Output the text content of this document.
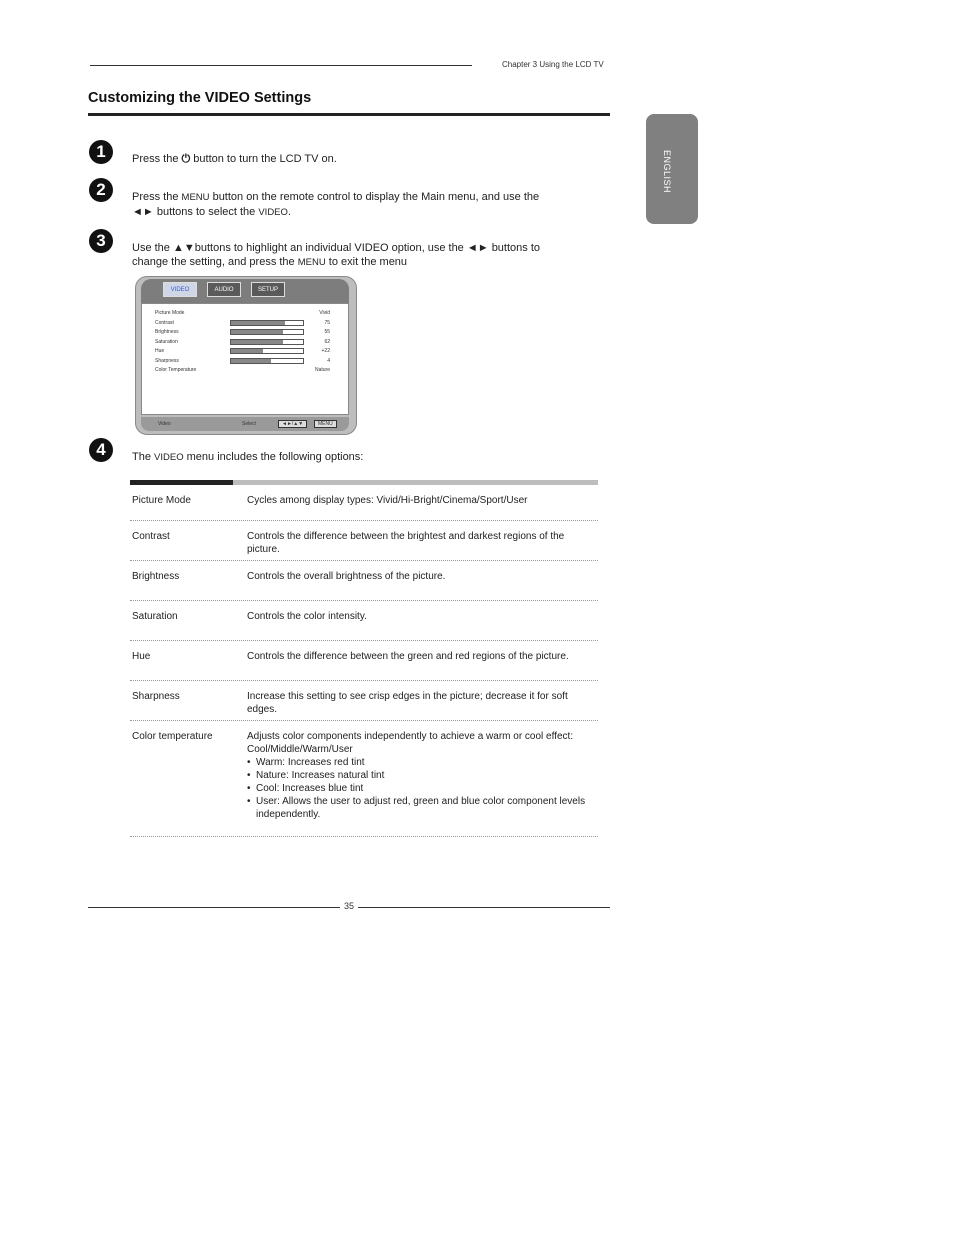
Chapter 3 Using the LCD TV
Customizing the VIDEO Settings
ENGLISH
1	Press the ⏻ button to turn the LCD TV on.
2	Press the MENU button on the remote control to display the Main menu, and use the
◄► buttons to select the VIDEO.
3	Use the ▲▼buttons to highlight an individual VIDEO option, use the ◄► buttons to change the setting, and press the MENU to exit the menu
VIDEO	AUDIO	SETUP
Picture Mode	Vivid
Contrast	75
Brightness	55
Saturation	62
Hue	+22
Sharpness	4
Color Temperature	Nature
Video	Select	◄►/▲▼	MENU
4	The VIDEO menu includes the following options:
Picture Mode	Cycles among display types: Vivid/Hi-Bright/Cinema/Sport/User
Contrast	Controls the difference between the brightest and darkest regions of the picture.
Brightness	Controls the overall brightness of the picture.
Saturation	Controls the color intensity.
Hue	Controls the difference between the green and red regions of the picture.
Sharpness	Increase this setting to see crisp edges in the picture; decrease it for soft edges.
Color temperature	Adjusts color components independently to achieve a warm or cool effect: Cool/Middle/Warm/User
• Warm: Increases red tint
• Nature: Increases natural tint
• Cool: Increases blue tint
• User: Allows the user to adjust red, green and blue color component levels independently.
35
